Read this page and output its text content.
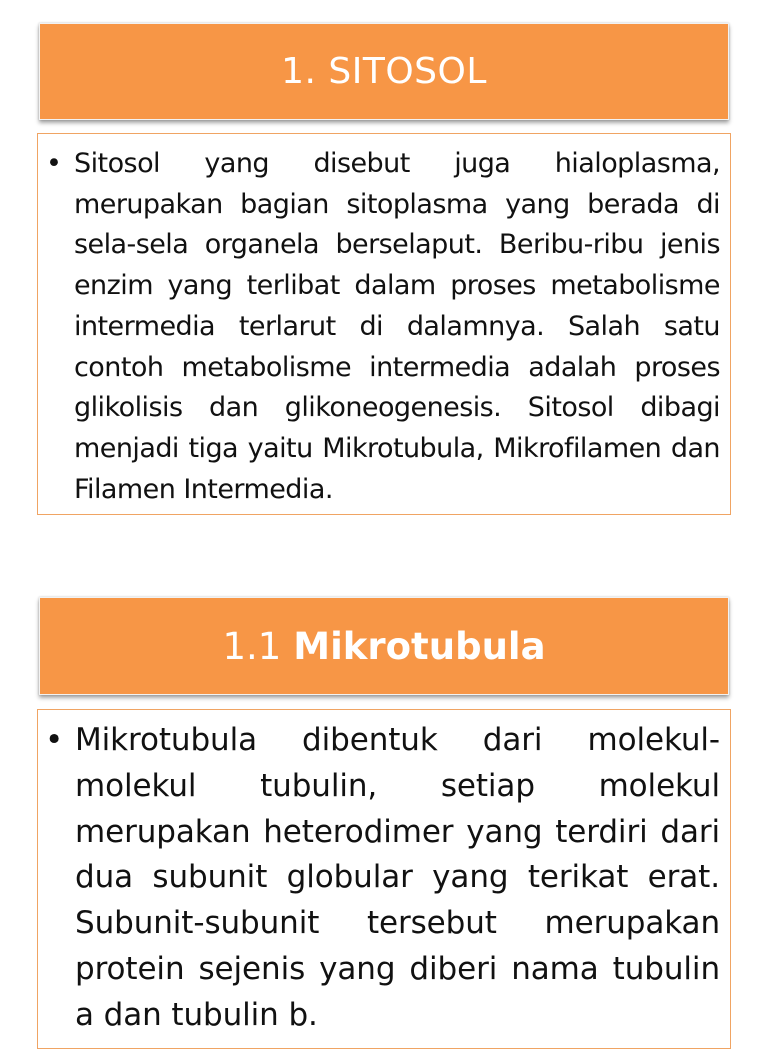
1. SITOSOL

• Sitosol yang disebut juga hialoplasma, merupakan bagian sitoplasma yang berada di sela-sela organela berselaput. Beribu-ribu jenis enzim yang terlibat dalam proses metabolisme intermedia terlarut di dalamnya. Salah satu contoh metabolisme intermedia adalah proses glikolisis dan glikoneogenesis. Sitosol dibagi menjadi tiga yaitu Mikrotubula, Mikrofilamen dan Filamen Intermedia.

1.1 Mikrotubula

• Mikrotubula dibentuk dari molekul-molekul tubulin, setiap molekul merupakan heterodimer yang terdiri dari dua subunit globular yang terikat erat. Subunit-subunit tersebut merupakan protein sejenis yang diberi nama tubulin a dan tubulin b.
